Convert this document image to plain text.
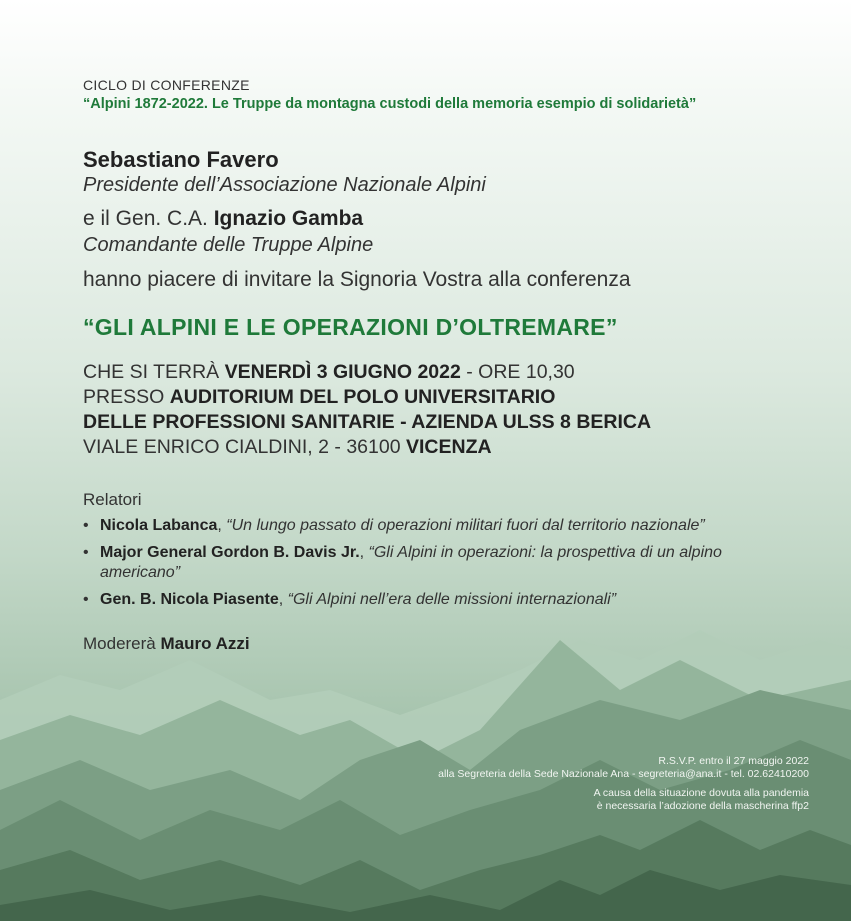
CICLO DI CONFERENZE
“Alpini 1872-2022. Le Truppe da montagna custodi della memoria esempio di solidarietà”
Sebastiano Favero
Presidente dell’Associazione Nazionale Alpini
e il Gen. C.A. Ignazio Gamba
Comandante delle Truppe Alpine
hanno piacere di invitare la Signoria Vostra alla conferenza
“GLI ALPINI E LE OPERAZIONI D’OLTREMARE”
CHE SI TERRÀ VENERDÌ 3 GIUGNO 2022 - ORE 10,30
PRESSO AUDITORIUM DEL POLO UNIVERSITARIO
DELLE PROFESSIONI SANITARIE - AZIENDA ULSS 8 BERICA
VIALE ENRICO CIALDINI, 2 - 36100 VICENZA
Relatori
• Nicola Labanca, “Un lungo passato di operazioni militari fuori dal territorio nazionale”
• Major General Gordon B. Davis Jr., “Gli Alpini in operazioni: la prospettiva di un alpino americano”
• Gen. B. Nicola Piasente, “Gli Alpini nell’era delle missioni internazionali”
Modererà Mauro Azzi
R.S.V.P. entro il 27 maggio 2022
alla Segreteria della Sede Nazionale Ana - segreteria@ana.it - tel. 02.62410200
A causa della situazione dovuta alla pandemia
è necessaria l’adozione della mascherina ffp2
